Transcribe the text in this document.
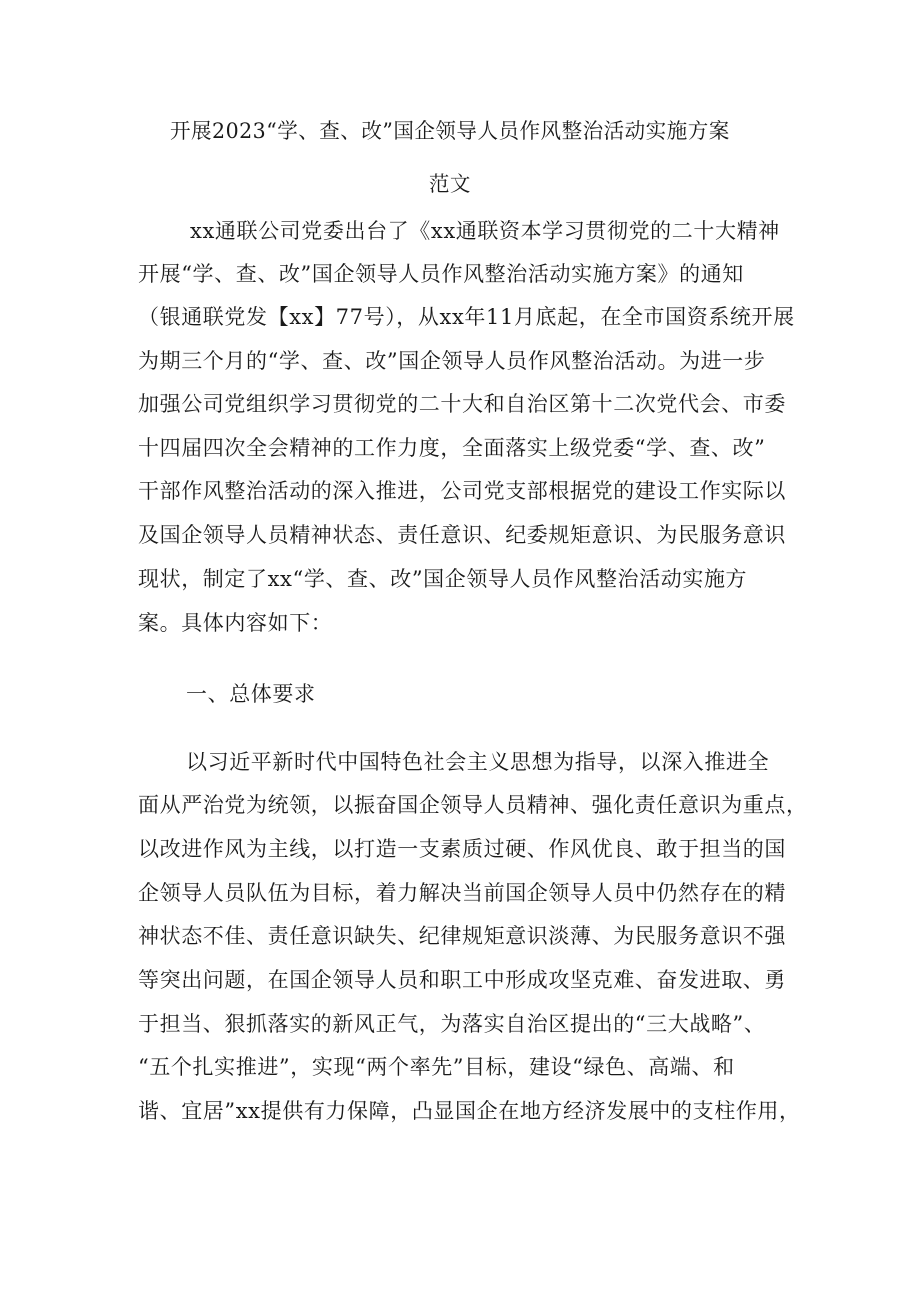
开展2023“学、查、改”国企领导人员作风整治活动实施方案
范文
xx通联公司党委出台了《xx通联资本学习贯彻党的二十大精神
开展“学、查、改”国企领导人员作风整治活动实施方案》的通知
（银通联党发【xx】77号），从xx年11月底起，在全市国资系统开展
为期三个月的“学、查、改”国企领导人员作风整治活动。为进一步
加强公司党组织学习贯彻党的二十大和自治区第十二次党代会、市委
十四届四次全会精神的工作力度，全面落实上级党委“学、查、改”
干部作风整治活动的深入推进，公司党支部根据党的建设工作实际以
及国企领导人员精神状态、责任意识、纪委规矩意识、为民服务意识
现状，制定了xx“学、查、改”国企领导人员作风整治活动实施方
案。具体内容如下：
一、总体要求
以习近平新时代中国特色社会主义思想为指导，以深入推进全
面从严治党为统领，以振奋国企领导人员精神、强化责任意识为重点，
以改进作风为主线，以打造一支素质过硬、作风优良、敢于担当的国
企领导人员队伍为目标，着力解决当前国企领导人员中仍然存在的精
神状态不佳、责任意识缺失、纪律规矩意识淡薄、为民服务意识不强
等突出问题，在国企领导人员和职工中形成攻坚克难、奋发进取、勇
于担当、狠抓落实的新风正气，为落实自治区提出的“三大战略”、
“五个扎实推进”，实现“两个率先”目标，建设“绿色、高端、和
谐、宜居”xx提供有力保障，凸显国企在地方经济发展中的支柱作用，
